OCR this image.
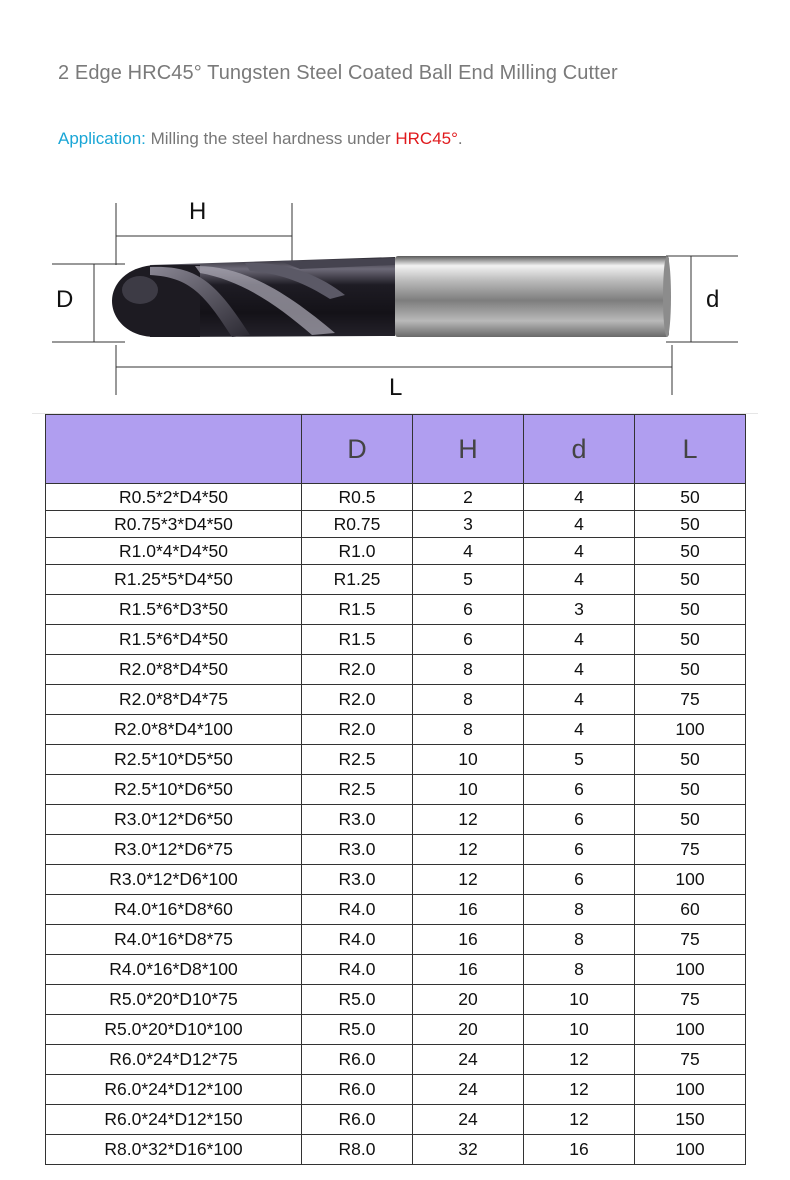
2 Edge HRC45° Tungsten Steel Coated Ball End Milling Cutter
Application: Milling the steel hardness under HRC45°.
H
D	d
L
	D	H	d	L
R0.5*2*D4*50	R0.5	2	4	50
R0.75*3*D4*50	R0.75	3	4	50
R1.0*4*D4*50	R1.0	4	4	50
R1.25*5*D4*50	R1.25	5	4	50
R1.5*6*D3*50	R1.5	6	3	50
R1.5*6*D4*50	R1.5	6	4	50
R2.0*8*D4*50	R2.0	8	4	50
R2.0*8*D4*75	R2.0	8	4	75
R2.0*8*D4*100	R2.0	8	4	100
R2.5*10*D5*50	R2.5	10	5	50
R2.5*10*D6*50	R2.5	10	6	50
R3.0*12*D6*50	R3.0	12	6	50
R3.0*12*D6*75	R3.0	12	6	75
R3.0*12*D6*100	R3.0	12	6	100
R4.0*16*D8*60	R4.0	16	8	60
R4.0*16*D8*75	R4.0	16	8	75
R4.0*16*D8*100	R4.0	16	8	100
R5.0*20*D10*75	R5.0	20	10	75
R5.0*20*D10*100	R5.0	20	10	100
R6.0*24*D12*75	R6.0	24	12	75
R6.0*24*D12*100	R6.0	24	12	100
R6.0*24*D12*150	R6.0	24	12	150
R8.0*32*D16*100	R8.0	32	16	100
